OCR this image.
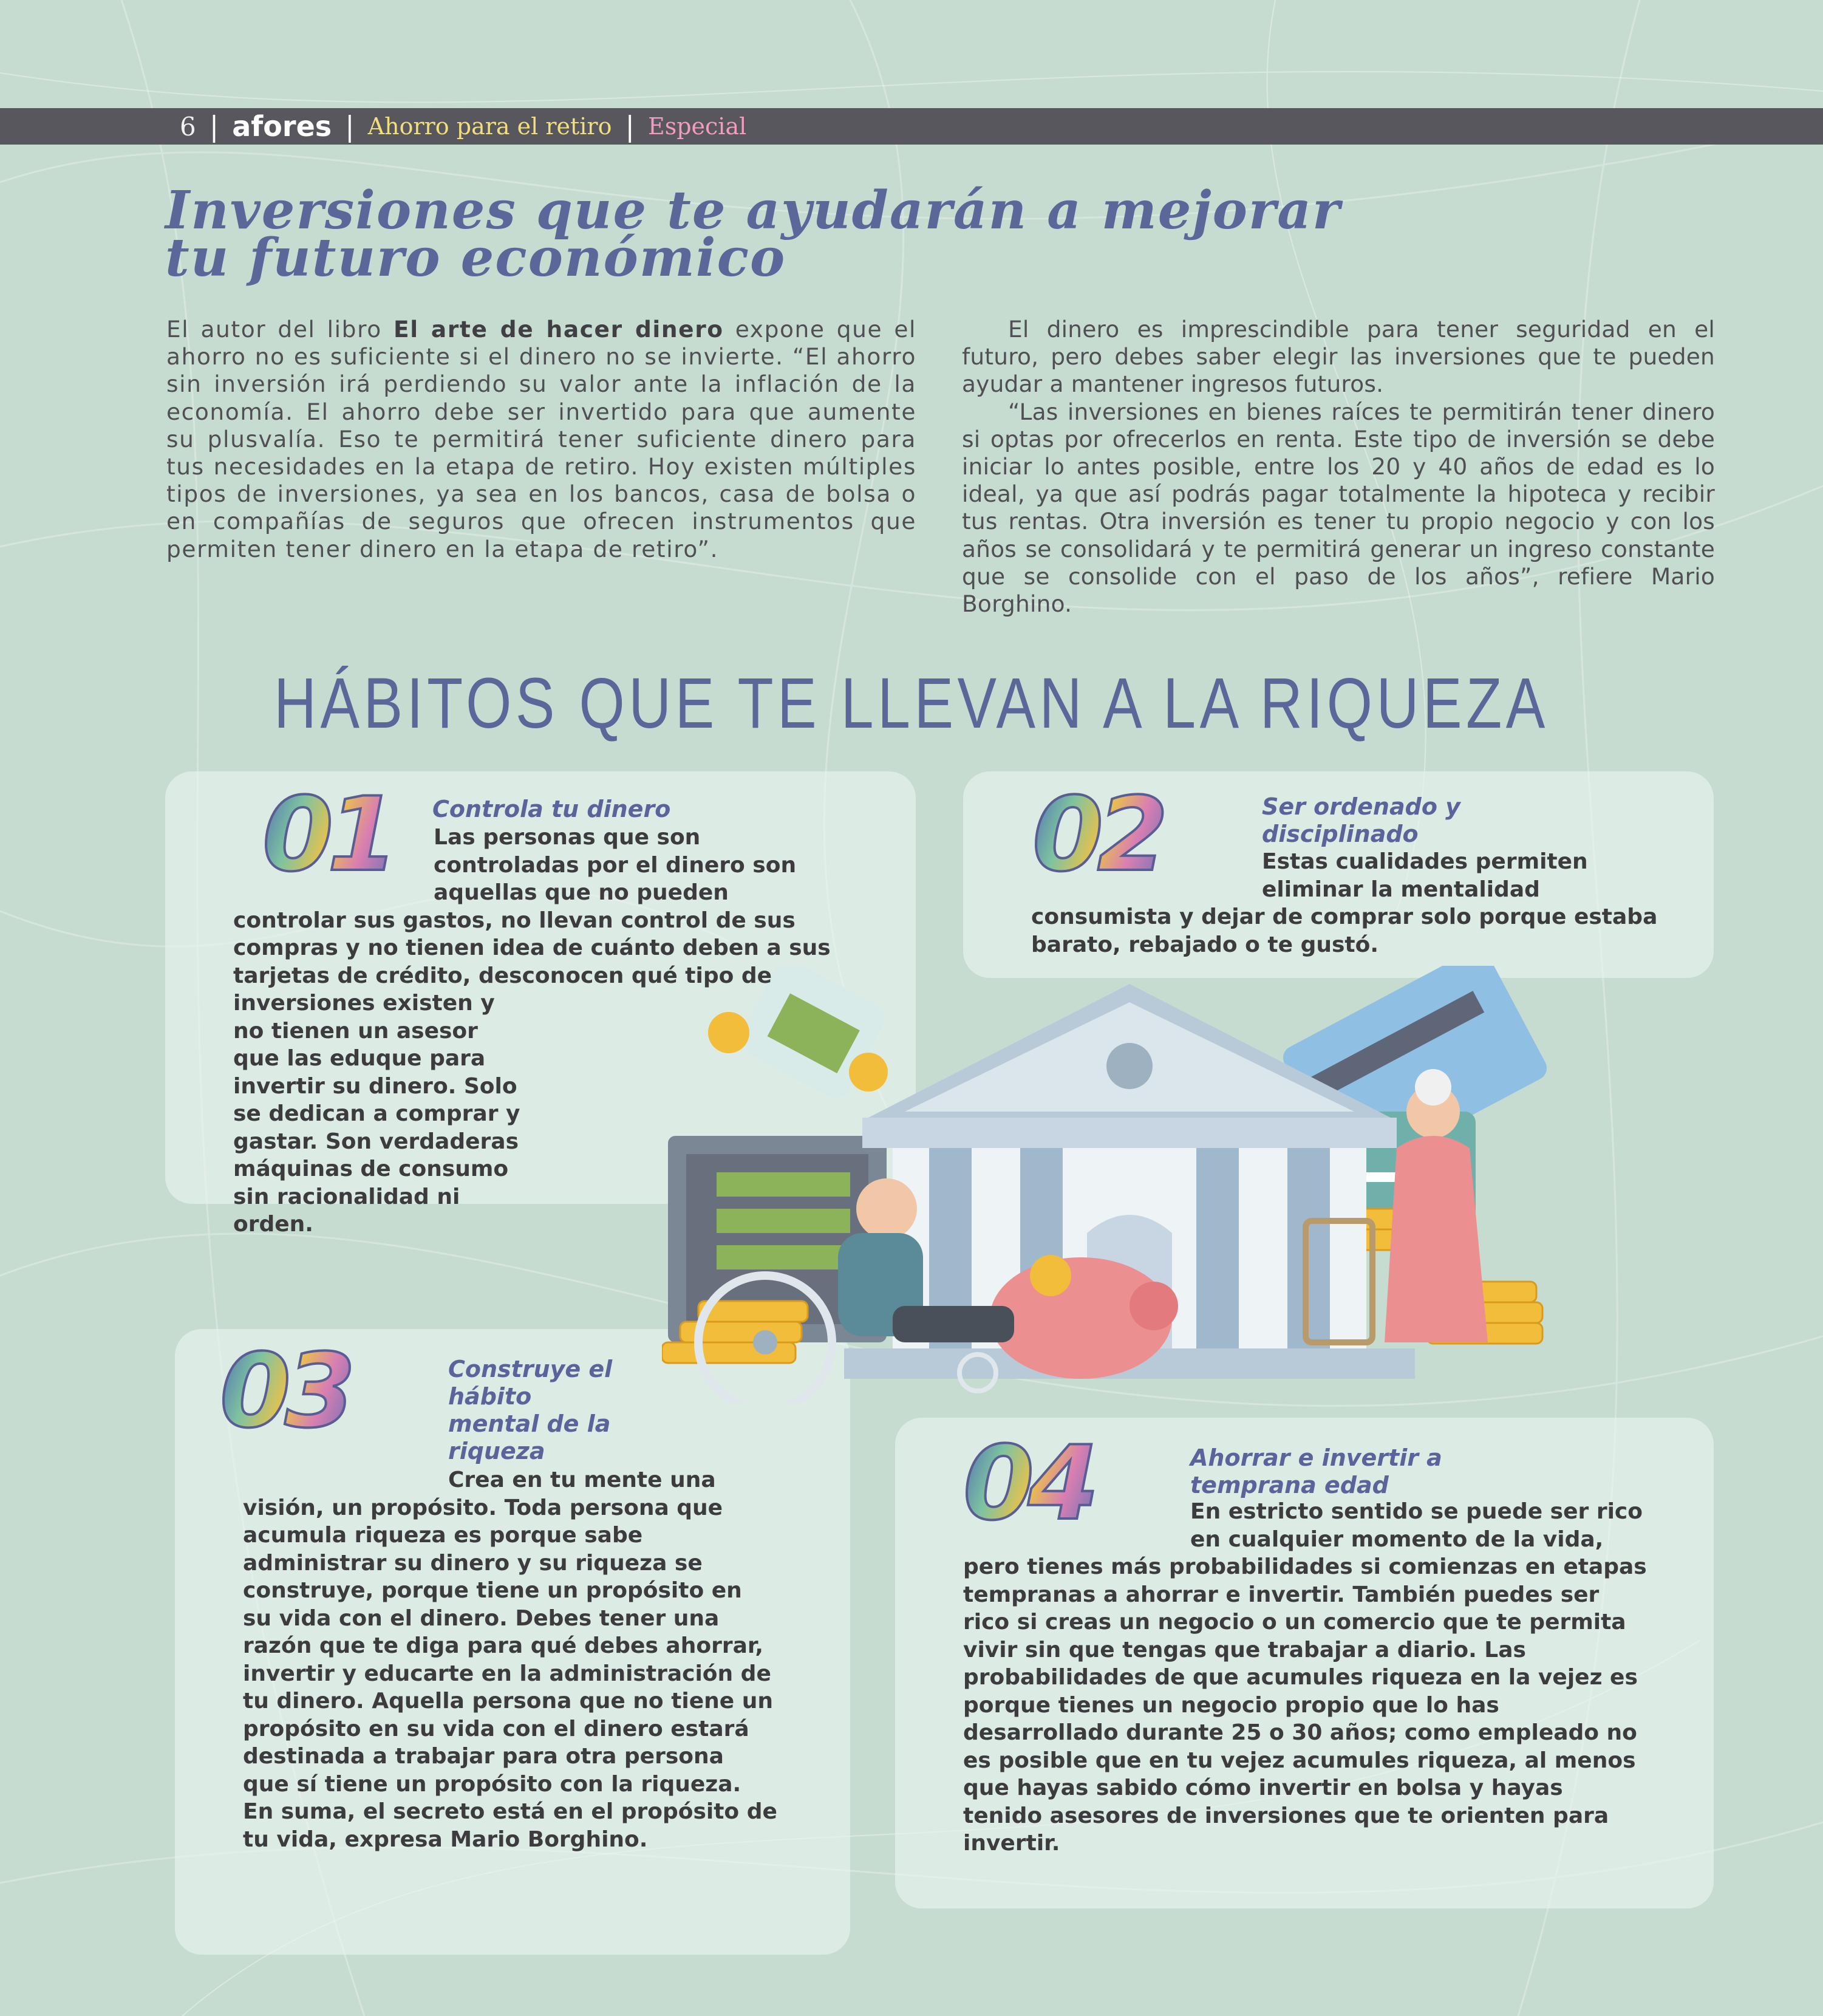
6 | afores | Ahorro para el retiro | Especial
Inversiones que te ayudarán a mejorar
tu futuro económico

El autor del libro El arte de hacer dinero expone que el ahorro no es suficiente si el dinero no se invierte. “El ahorro sin inversión irá perdiendo su valor ante la inflación de la economía. El ahorro debe ser invertido para que aumente su plusvalía. Eso te permitirá tener suficiente dinero para tus necesidades en la etapa de retiro. Hoy existen múltiples tipos de inversiones, ya sea en los bancos, casa de bolsa o en compañías de seguros que ofrecen instrumentos que permiten tener dinero en la etapa de retiro”.

El dinero es imprescindible para tener seguridad en el futuro, pero debes saber elegir las inversiones que te pueden ayudar a mantener ingresos futuros.

“Las inversiones en bienes raíces te permitirán tener dinero si optas por ofrecerlos en renta. Este tipo de inversión se debe iniciar lo antes posible, entre los 20 y 40 años de edad es lo ideal, ya que así podrás pagar totalmente la hipoteca y recibir tus rentas. Otra inversión es tener tu propio negocio y con los años se consolidará y te permitirá generar un ingreso constante que se consolide con el paso de los años”, refiere Mario Borghino.

HÁBITOS QUE TE LLEVAN A LA RIQUEZA
01 Controla tu dinero
Las personas que son controladas por el dinero son aquellas que no pueden controlar sus gastos, no llevan control de sus compras y no tienen idea de cuánto deben a sus tarjetas de crédito, desconocen qué tipo de inversiones existen y no tienen un asesor que las eduque para invertir su dinero. Solo se dedican a comprar y gastar. Son verdaderas máquinas de consumo sin racionalidad ni orden.
02	Ser ordenado y disciplinado
Estas cualidades permiten eliminar la mentalidad consumista y dejar de comprar solo porque estaba barato, rebajado o te gustó.
03	Construye el hábito mental de la riqueza
Crea en tu mente una visión, un propósito. Toda persona que acumula riqueza es porque sabe administrar su dinero y su riqueza se construye, porque tiene un propósito en su vida con el dinero. Debes tener una razón que te diga para qué debes ahorrar, invertir y educarte en la administración de tu dinero. Aquella persona que no tiene un propósito en su vida con el dinero estará destinada a trabajar para otra persona que sí tiene un propósito con la riqueza. En suma, el secreto está en el propósito de tu vida, expresa Mario Borghino.
04	Ahorrar e invertir a temprana edad
En estricto sentido se puede ser rico en cualquier momento de la vida, pero tienes más probabilidades si comienzas en etapas tempranas a ahorrar e invertir. También puedes ser rico si creas un negocio o un comercio que te permita vivir sin que tengas que trabajar a diario. Las probabilidades de que acumules riqueza en la vejez es porque tienes un negocio propio que lo has desarrollado durante 25 o 30 años; como empleado no es posible que en tu vejez acumules riqueza, al menos que hayas sabido cómo invertir en bolsa y hayas tenido asesores de inversiones que te orienten para invertir.
